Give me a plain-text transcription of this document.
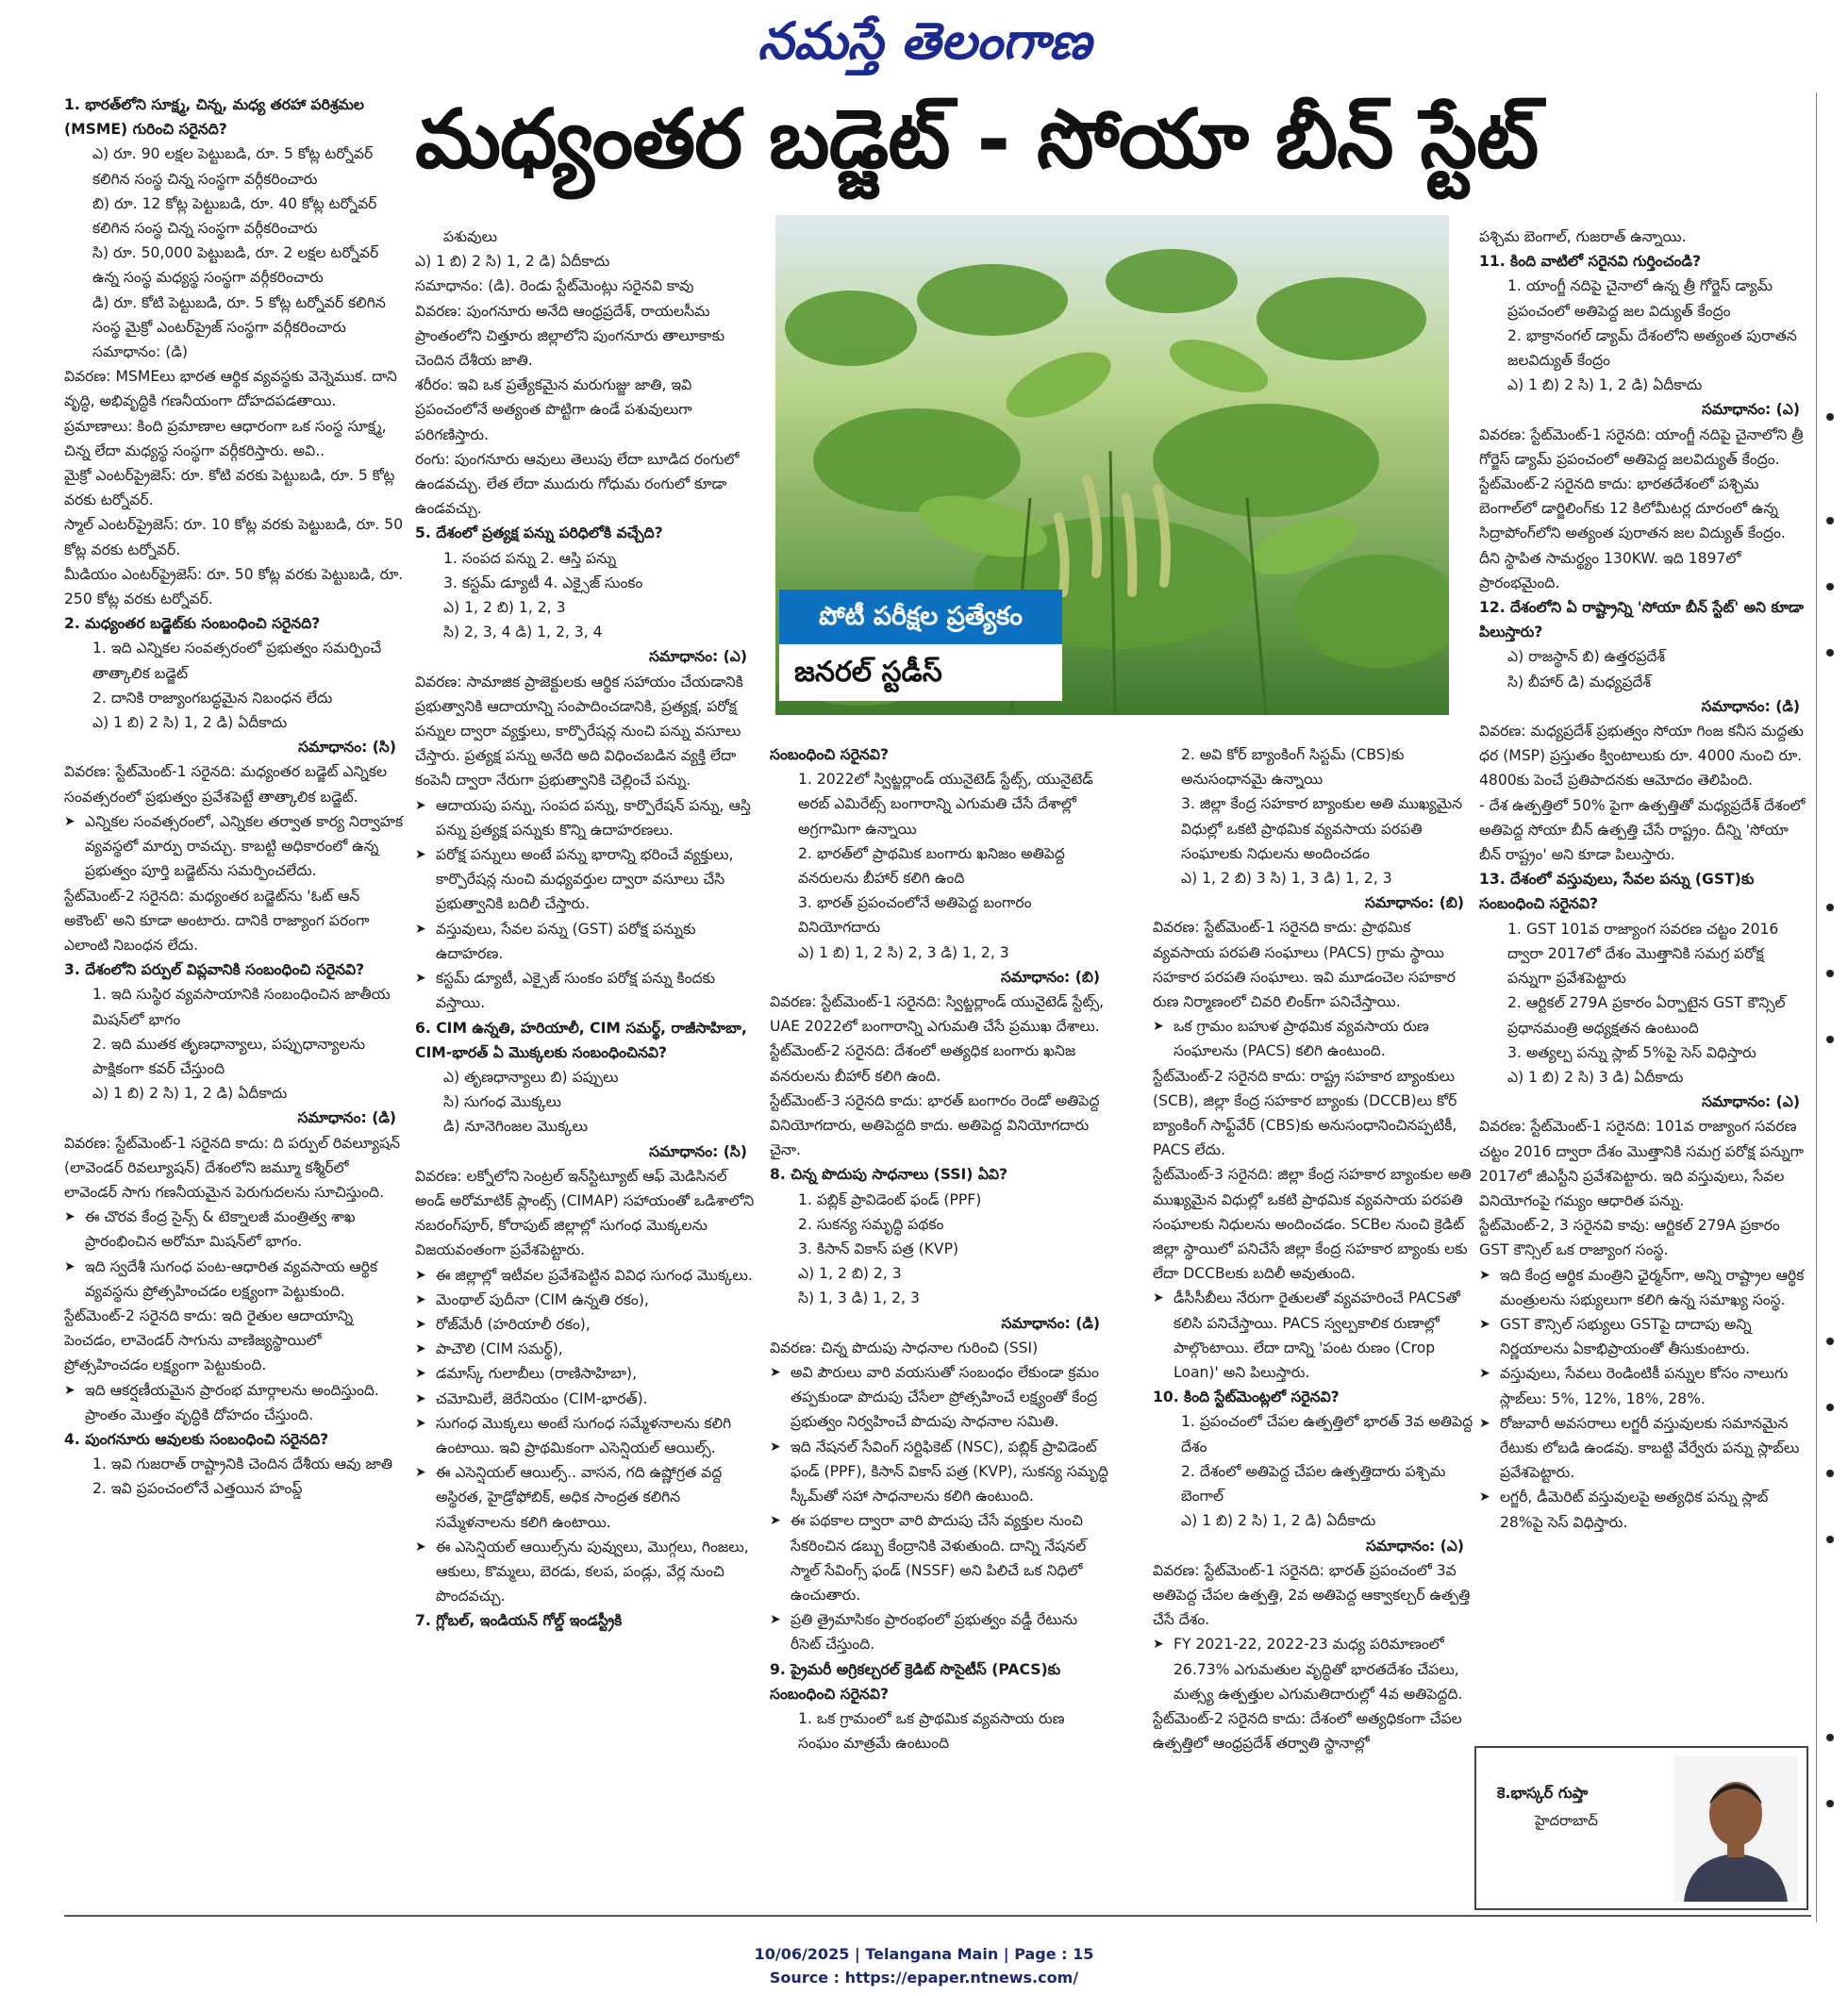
నమస్తే తెలంగాణ
మధ్యంతర బడ్జెట్ - సోయా బీన్ స్టేట్

1. భారత్‌లోని సూక్ష్మ, చిన్న, మధ్య తరహా పరిశ్రమల (MSME) గురించి సరైనది?

ఎ) రూ. 90 లక్షల పెట్టుబడి, రూ. 5 కోట్ల టర్నోవర్ కలిగిన సంస్థ చిన్న సంస్థగా వర్గీకరించారు

బి) రూ. 12 కోట్ల పెట్టుబడి, రూ. 40 కోట్ల టర్నోవర్ కలిగిన సంస్థ చిన్న సంస్థగా వర్గీకరించారు

సి) రూ. 50,000 పెట్టుబడి, రూ. 2 లక్షల టర్నోవర్ ఉన్న సంస్థ మధ్యస్థ సంస్థగా వర్గీకరించారు

డి) రూ. కోటి పెట్టుబడి, రూ. 5 కోట్ల టర్నోవర్ కలిగిన సంస్థ మైక్రో ఎంటర్‌ప్రైజ్ సంస్థగా వర్గీకరించారు సమాధానం: (డి)

వివరణ: MSMEలు భారత ఆర్థిక వ్యవస్థకు వెన్నెముక. దాని వృద్ధి, అభివృద్ధికి గణనీయంగా దోహదపడతాయి.

ప్రమాణాలు: కింది ప్రమాణాల ఆధారంగా ఒక సంస్థ సూక్ష్మ, చిన్న లేదా మధ్యస్థ సంస్థగా వర్గీకరిస్తారు. అవి..

మైక్రో ఎంటర్‌ప్రైజెస్: రూ. కోటి వరకు పెట్టుబడి, రూ. 5 కోట్ల వరకు టర్నోవర్.

స్మాల్ ఎంటర్‌ప్రైజెస్: రూ. 10 కోట్ల వరకు పెట్టుబడి, రూ. 50 కోట్ల వరకు టర్నోవర్.

మీడియం ఎంటర్‌ప్రైజెస్: రూ. 50 కోట్ల వరకు పెట్టుబడి, రూ. 250 కోట్ల వరకు టర్నోవర్.

2. మధ్యంతర బడ్జెట్‌కు సంబంధించి సరైనది?

1. ఇది ఎన్నికల సంవత్సరంలో ప్రభుత్వం సమర్పించే తాత్కాలిక బడ్జెట్

2. దానికి రాజ్యాంగబద్ధమైన నిబంధన లేదు

ఎ) 1 బి) 2 సి) 1, 2 డి) ఏదీకాదు

సమాధానం: (సి)

వివరణ: స్టేట్‌మెంట్-1 సరైనది: మధ్యంతర బడ్జెట్ ఎన్నికల సంవత్సరంలో ప్రభుత్వం ప్రవేశపెట్టే తాత్కాలిక బడ్జెట్.

➤ ఎన్నికల సంవత్సరంలో, ఎన్నికల తర్వాత కార్య నిర్వాహక వ్యవస్థలో మార్పు రావచ్చు. కాబట్టి అధికారంలో ఉన్న ప్రభుత్వం పూర్తి బడ్జెట్‌ను సమర్పించలేదు.

స్టేట్‌మెంట్-2 సరైనది: మధ్యంతర బడ్జెట్‌ను 'ఓట్ ఆన్ అకౌంట్' అని కూడా అంటారు. దానికి రాజ్యాంగ పరంగా ఎలాంటి నిబంధన లేదు.

3. దేశంలోని పర్పుల్ విప్లవానికి సంబంధించి సరైనవి?

1. ఇది సుస్థిర వ్యవసాయానికి సంబంధించిన జాతీయ మిషన్‌లో భాగం

2. ఇది ముతక తృణధాన్యాలు, పప్పుధాన్యాలను పాక్షికంగా కవర్ చేస్తుంది

ఎ) 1 బి) 2 సి) 1, 2 డి) ఏదీకాదు

సమాధానం: (డి)

వివరణ: స్టేట్‌మెంట్-1 సరైనది కాదు: ది పర్పుల్ రివల్యూషన్ (లావెండర్ రివల్యూషన్) దేశంలోని జమ్మూ కశ్మీర్‌లో లావెండర్ సాగు గణనీయమైన పెరుగుదలను సూచిస్తుంది.

➤ ఈ చొరవ కేంద్ర సైన్స్ & టెక్నాలజీ మంత్రిత్వ శాఖ ప్రారంభించిన అరోమా మిషన్‌లో భాగం.

➤ ఇది స్వదేశీ సుగంధ పంట-ఆధారిత వ్యవసాయ ఆర్థిక వ్యవస్థను ప్రోత్సహించడం లక్ష్యంగా పెట్టుకుంది.

స్టేట్‌మెంట్-2 సరైనది కాదు: ఇది రైతుల ఆదాయాన్ని పెంచడం, లావెండర్ సాగును వాణిజ్యస్థాయిలో ప్రోత్సహించడం లక్ష్యంగా పెట్టుకుంది.

➤ ఇది ఆకర్షణీయమైన ప్రారంభ మార్గాలను అందిస్తుంది. ప్రాంతం మొత్తం వృద్ధికి దోహదం చేస్తుంది.

4. పుంగనూరు ఆవులకు సంబంధించి సరైనది?

1. ఇవి గుజరాత్ రాష్ట్రానికి చెందిన దేశీయ ఆవు జాతి

2. ఇవి ప్రపంచంలోనే ఎత్తయిన హంప్డ్

పశువులు

ఎ) 1 బి) 2 సి) 1, 2 డి) ఏదీకాదు

సమాధానం: (డి). రెండు స్టేట్‌మెంట్లు సరైనవి కావు

వివరణ: పుంగనూరు అనేది ఆంధ్రప్రదేశ్, రాయలసీమ ప్రాంతంలోని చిత్తూరు జిల్లాలోని పుంగనూరు తాలూకాకు చెందిన దేశీయ జాతి.

శరీరం: ఇవి ఒక ప్రత్యేకమైన మరుగుజ్జు జాతి, ఇవి ప్రపంచంలోనే అత్యంత పొట్టిగా ఉండే పశువులుగా పరిగణిస్తారు.

రంగు: పుంగనూరు ఆవులు తెలుపు లేదా బూడిద రంగులో ఉండవచ్చు. లేత లేదా ముదురు గోధుమ రంగులో కూడా ఉండవచ్చు.

5. దేశంలో ప్రత్యక్ష పన్ను పరిధిలోకి వచ్చేది?

1. సంపద పన్ను 2. ఆస్తి పన్ను

3. కస్టమ్ డ్యూటీ 4. ఎక్సైజ్ సుంకం

ఎ) 1, 2 బి) 1, 2, 3

సి) 2, 3, 4 డి) 1, 2, 3, 4

సమాధానం: (ఎ)

వివరణ: సామాజిక ప్రాజెక్టులకు ఆర్థిక సహాయం చేయడానికి ప్రభుత్వానికి ఆదాయాన్ని సంపాదించడానికి, ప్రత్యక్ష, పరోక్ష పన్నుల ద్వారా వ్యక్తులు, కార్పొరేషన్ల నుంచి పన్ను వసూలు చేస్తారు. ప్రత్యక్ష పన్ను అనేది అది విధించబడిన వ్యక్తి లేదా కంపెనీ ద్వారా నేరుగా ప్రభుత్వానికి చెల్లించే పన్ను.

➤ ఆదాయపు పన్ను, సంపద పన్ను, కార్పొరేషన్ పన్ను, ఆస్తి పన్ను ప్రత్యక్ష పన్నుకు కొన్ని ఉదాహరణలు.

➤ పరోక్ష పన్నులు అంటే పన్ను భారాన్ని భరించే వ్యక్తులు, కార్పొరేషన్ల నుంచి మధ్యవర్తుల ద్వారా వసూలు చేసి ప్రభుత్వానికి బదిలీ చేస్తారు.

➤ వస్తువులు, సేవల పన్ను (GST) పరోక్ష పన్నుకు ఉదాహరణ.

➤ కస్టమ్ డ్యూటీ, ఎక్సైజ్ సుంకం పరోక్ష పన్ను కిందకు వస్తాయి.

6. CIM ఉన్నతి, హరియాలీ, CIM సమర్థ్, రాజీసాహిబా, CIM-భారత్ ఏ మొక్కలకు సంబంధించినవి?

ఎ) తృణధాన్యాలు బి) పప్పులు

సి) సుగంధ మొక్కలు

డి) నూనెగింజల మొక్కలు

సమాధానం: (సి)

వివరణ: లక్నోలోని సెంట్రల్ ఇన్‌స్టిట్యూట్ ఆఫ్ మెడిసినల్ అండ్ అరోమాటిక్ ప్లాంట్స్ (CIMAP) సహాయంతో ఒడిశాలోని నబరంగ్‌పూర్, కోరాపుట్ జిల్లాల్లో సుగంధ మొక్కలను విజయవంతంగా ప్రవేశపెట్టారు.

➤ ఈ జిల్లాల్లో ఇటీవల ప్రవేశపెట్టిన వివిధ సుగంధ మొక్కలు.

➤ మెంథాల్ పుదీనా (CIM ఉన్నతి రకం),

➤ రోజ్‌మేరీ (హరియాలీ రకం),

➤ పాచౌలి (CIM సమర్థ్),

➤ డమాస్క్ గులాబీలు (రాణిసాహిబా),

➤ చమోమిలే, జెరేనియం (CIM-భారత్).

➤ సుగంధ మొక్కలు అంటే సుగంధ సమ్మేళనాలను కలిగి ఉంటాయి. ఇవి ప్రాథమికంగా ఎసెన్షియల్ ఆయిల్స్.

➤ ఈ ఎసెన్షియల్ ఆయిల్స్.. వాసన, గది ఉష్ణోగ్రత వద్ద అస్థిరత, హైడ్రోఫోబిక్, అధిక సాంద్రత కలిగిన సమ్మేళనాలను కలిగి ఉంటాయి.

➤ ఈ ఎసెన్షియల్ ఆయిల్స్‌ను పువ్వులు, మొగ్గలు, గింజలు, ఆకులు, కొమ్మలు, బెరడు, కలప, పండ్లు, వేర్ల నుంచి పొందవచ్చు.

7. గ్లోబల్, ఇండియన్ గోల్డ్ ఇండస్ట్రీకి

పోటీ పరీక్షల ప్రత్యేకం
జనరల్ స్టడీస్

సంబంధించి సరైనవి?

1. 2022లో స్విట్జర్లాండ్ యునైటెడ్ స్టేట్స్, యునైటెడ్ అరబ్ ఎమిరేట్స్ బంగారాన్ని ఎగుమతి చేసే దేశాల్లో అగ్రగామిగా ఉన్నాయి

2. భారత్‌లో ప్రాథమిక బంగారు ఖనిజం అతిపెద్ద వనరులను బీహార్ కలిగి ఉంది

3. భారత్ ప్రపంచంలోనే అతిపెద్ద బంగారం వినియోగదారు

ఎ) 1 బి) 1, 2 సి) 2, 3 డి) 1, 2, 3

సమాధానం: (బి)

వివరణ: స్టేట్‌మెంట్-1 సరైనది: స్విట్జర్లాండ్ యునైటెడ్ స్టేట్స్, UAE 2022లో బంగారాన్ని ఎగుమతి చేసే ప్రముఖ దేశాలు.

స్టేట్‌మెంట్-2 సరైనది: దేశంలో అత్యధిక బంగారు ఖనిజ వనరులను బీహార్ కలిగి ఉంది.

స్టేట్‌మెంట్-3 సరైనది కాదు: భారత్ బంగారం రెండో అతిపెద్ద వినియోగదారు, అతిపెద్దది కాదు. అతిపెద్ద వినియోగదారు చైనా.

8. చిన్న పొదుపు సాధనాలు (SSI) ఏవి?

1. పబ్లిక్ ప్రావిడెంట్ ఫండ్ (PPF)

2. సుకన్య సమృద్ధి పథకం

3. కిసాన్ వికాస్ పత్ర (KVP)

ఎ) 1, 2 బి) 2, 3

సి) 1, 3 డి) 1, 2, 3

సమాధానం: (డి)

వివరణ: చిన్న పొదుపు సాధనాల గురించి (SSI)

➤ అవి పౌరులు వారి వయసుతో సంబంధం లేకుండా క్రమం తప్పకుండా పొదుపు చేసేలా ప్రోత్సహించే లక్ష్యంతో కేంద్ర ప్రభుత్వం నిర్వహించే పొదుపు సాధనాల సమితి.

➤ ఇది నేషనల్ సేవింగ్ సర్టిఫికెట్ (NSC), పబ్లిక్ ప్రావిడెంట్ ఫండ్ (PPF), కిసాన్ వికాస్ పత్ర (KVP), సుకన్య సమృద్ధి స్కీమ్‌తో సహా సాధనాలను కలిగి ఉంటుంది.

➤ ఈ పథకాల ద్వారా వారి పొదుపు చేసే వ్యక్తుల నుంచి సేకరించిన డబ్బు కేంద్రానికి వెళుతుంది. దాన్ని నేషనల్ స్మాల్ సేవింగ్స్ ఫండ్ (NSSF) అని పిలిచే ఒక నిధిలో ఉంచుతారు.

➤ ప్రతి త్రైమాసికం ప్రారంభంలో ప్రభుత్వం వడ్డీ రేటును రీసెట్ చేస్తుంది.

9. ప్రైమరీ అగ్రికల్చరల్ క్రెడిట్ సొసైటీస్ (PACS)కు సంబంధించి సరైనవి?

1. ఒక గ్రామంలో ఒక ప్రాథమిక వ్యవసాయ రుణ సంఘం మాత్రమే ఉంటుంది

2. అవి కోర్ బ్యాంకింగ్ సిస్టమ్ (CBS)కు అనుసంధానమై ఉన్నాయి

3. జిల్లా కేంద్ర సహకార బ్యాంకుల అతి ముఖ్యమైన విధుల్లో ఒకటి ప్రాథమిక వ్యవసాయ పరపతి సంఘాలకు నిధులను అందించడం

ఎ) 1, 2 బి) 3 సి) 1, 3 డి) 1, 2, 3

సమాధానం: (బి)

వివరణ: స్టేట్‌మెంట్-1 సరైనది కాదు: ప్రాథమిక వ్యవసాయ పరపతి సంఘాలు (PACS) గ్రామ స్థాయి సహకార పరపతి సంఘాలు. ఇవి మూడంచెల సహకార రుణ నిర్మాణంలో చివరి లింక్‌గా పనిచేస్తాయి.

➤ ఒక గ్రామం బహుళ ప్రాథమిక వ్యవసాయ రుణ సంఘాలను (PACS) కలిగి ఉంటుంది.

స్టేట్‌మెంట్-2 సరైనది కాదు: రాష్ట్ర సహకార బ్యాంకులు (SCB), జిల్లా కేంద్ర సహకార బ్యాంకు (DCCB)లు కోర్ బ్యాంకింగ్ సాఫ్ట్‌వేర్ (CBS)కు అనుసంధానించినప్పటికీ, PACS లేదు.

స్టేట్‌మెంట్-3 సరైనది: జిల్లా కేంద్ర సహకార బ్యాంకుల అతి ముఖ్యమైన విధుల్లో ఒకటి ప్రాథమిక వ్యవసాయ పరపతి సంఘాలకు నిధులను అందించడం. SCBల నుంచి క్రెడిట్ జిల్లా స్థాయిలో పనిచేసే జిల్లా కేంద్ర సహకార బ్యాంకు లకు లేదా DCCBలకు బదిలీ అవుతుంది.

➤ డీసీసీబీలు నేరుగా రైతులతో వ్యవహరించే PACSతో కలిసి పనిచేస్తాయి. PACS స్వల్పకాలిక రుణాల్లో పాల్గొంటాయి. లేదా దాన్ని 'పంట రుణం (Crop Loan)' అని పిలుస్తారు.

10. కింది స్టేట్‌మెంట్లలో సరైనవి?

1. ప్రపంచంలో చేపల ఉత్పత్తిలో భారత్ 3వ అతిపెద్ద దేశం

2. దేశంలో అతిపెద్ద చేపల ఉత్పత్తిదారు పశ్చిమ బెంగాల్

ఎ) 1 బి) 2 సి) 1, 2 డి) ఏదీకాదు

సమాధానం: (ఎ)

వివరణ: స్టేట్‌మెంట్-1 సరైనది: భారత్ ప్రపంచంలో 3వ అతిపెద్ద చేపల ఉత్పత్తి, 2వ అతిపెద్ద ఆక్వాకల్చర్ ఉత్పత్తి చేసే దేశం.

➤ FY 2021-22, 2022-23 మధ్య పరిమాణంలో 26.73% ఎగుమతుల వృద్ధితో భారతదేశం చేపలు, మత్స్య ఉత్పత్తుల ఎగుమతిదారుల్లో 4వ అతిపెద్దది.

స్టేట్‌మెంట్-2 సరైనది కాదు: దేశంలో అత్యధికంగా చేపల ఉత్పత్తిలో ఆంధ్రప్రదేశ్ తర్వాతి స్థానాల్లో

పశ్చిమ బెంగాల్, గుజరాత్ ఉన్నాయి.

11. కింది వాటిలో సరైనవి గుర్తించండి?

1. యాంగ్జీ నదిపై చైనాలో ఉన్న త్రీ గోర్జెస్ డ్యామ్ ప్రపంచంలో అతిపెద్ద జల విద్యుత్ కేంద్రం

2. భాక్రానంగల్ డ్యామ్ దేశంలోని అత్యంత పురాతన జలవిద్యుత్ కేంద్రం

ఎ) 1 బి) 2 సి) 1, 2 డి) ఏదీకాదు

సమాధానం: (ఎ)

వివరణ: స్టేట్‌మెంట్-1 సరైనది: యాంగ్జీ నదిపై చైనాలోని త్రీ గోర్జెస్ డ్యామ్ ప్రపంచంలో అతిపెద్ద జలవిద్యుత్ కేంద్రం.

స్టేట్‌మెంట్-2 సరైనది కాదు: భారతదేశంలో పశ్చిమ బెంగాల్‌లో డార్జిలింగ్‌కు 12 కిలోమీటర్ల దూరంలో ఉన్న సిద్రాపోంగ్‌లోని అత్యంత పురాతన జల విద్యుత్ కేంద్రం. దీని స్థాపిత సామర్థ్యం 130KW. ఇది 1897లో ప్రారంభమైంది.

12. దేశంలోని ఏ రాష్ట్రాన్ని 'సోయా బీన్ స్టేట్' అని కూడా పిలుస్తారు?

ఎ) రాజస్థాన్ బి) ఉత్తరప్రదేశ్

సి) బీహార్ డి) మధ్యప్రదేశ్

సమాధానం: (డి)

వివరణ: మధ్యప్రదేశ్ ప్రభుత్వం సోయా గింజ కనీస మద్దతు ధర (MSP) ప్రస్తుతం క్వింటాలుకు రూ. 4000 నుంచి రూ. 4800కు పెంచే ప్రతిపాదనకు ఆమోదం తెలిపింది.

- దేశ ఉత్పత్తిలో 50% పైగా ఉత్పత్తితో మధ్యప్రదేశ్ దేశంలో అతిపెద్ద సోయా బీన్ ఉత్పత్తి చేసే రాష్ట్రం. దీన్ని 'సోయా బీన్ రాష్ట్రం' అని కూడా పిలుస్తారు.

13. దేశంలో వస్తువులు, సేవల పన్ను (GST)కు సంబంధించి సరైనవి?

1. GST 101వ రాజ్యాంగ సవరణ చట్టం 2016 ద్వారా 2017లో దేశం మొత్తానికి సమగ్ర పరోక్ష పన్నుగా ప్రవేశపెట్టారు

2. ఆర్టికల్ 279A ప్రకారం ఏర్పాటైన GST కౌన్సిల్ ప్రధానమంత్రి అధ్యక్షతన ఉంటుంది

3. అత్యల్ప పన్ను స్లాబ్ 5%పై సెస్ విధిస్తారు

ఎ) 1 బి) 2 సి) 3 డి) ఏదీకాదు

సమాధానం: (ఎ)

వివరణ: స్టేట్‌మెంట్-1 సరైనది: 101వ రాజ్యాంగ సవరణ చట్టం 2016 ద్వారా దేశం మొత్తానికి సమగ్ర పరోక్ష పన్నుగా 2017లో జీఎస్టీని ప్రవేశపెట్టారు. ఇది వస్తువులు, సేవల వినియోగంపై గమ్యం ఆధారిత పన్ను.

స్టేట్‌మెంట్-2, 3 సరైనవి కావు: ఆర్టికల్ 279A ప్రకారం GST కౌన్సిల్ ఒక రాజ్యాంగ సంస్థ.

➤ ఇది కేంద్ర ఆర్థిక మంత్రిని ఛైర్మన్‌గా, అన్ని రాష్ట్రాల ఆర్థిక మంత్రులను సభ్యులుగా కలిగి ఉన్న సమాఖ్య సంస్థ.

➤ GST కౌన్సిల్ సభ్యులు GSTపై దాదాపు అన్ని నిర్ణయాలను ఏకాభిప్రాయంతో తీసుకుంటారు.

➤ వస్తువులు, సేవలు రెండింటికీ పన్నుల కోసం నాలుగు స్లాబ్‌లు: 5%, 12%, 18%, 28%.

➤ రోజువారీ అవసరాలు లగ్జరీ వస్తువులకు సమానమైన రేటుకు లోబడి ఉండవు. కాబట్టి వేర్వేరు పన్ను స్లాబ్‌లు ప్రవేశపెట్టారు.

➤ లగ్జరీ, డీమెరిట్ వస్తువులపై అత్యధిక పన్ను స్లాబ్ 28%పై సెస్ విధిస్తారు.

కె.భాస్కర్ గుప్తా
హైదరాబాద్
10/06/2025 | Telangana Main | Page : 15
Source : https://epaper.ntnews.com/
